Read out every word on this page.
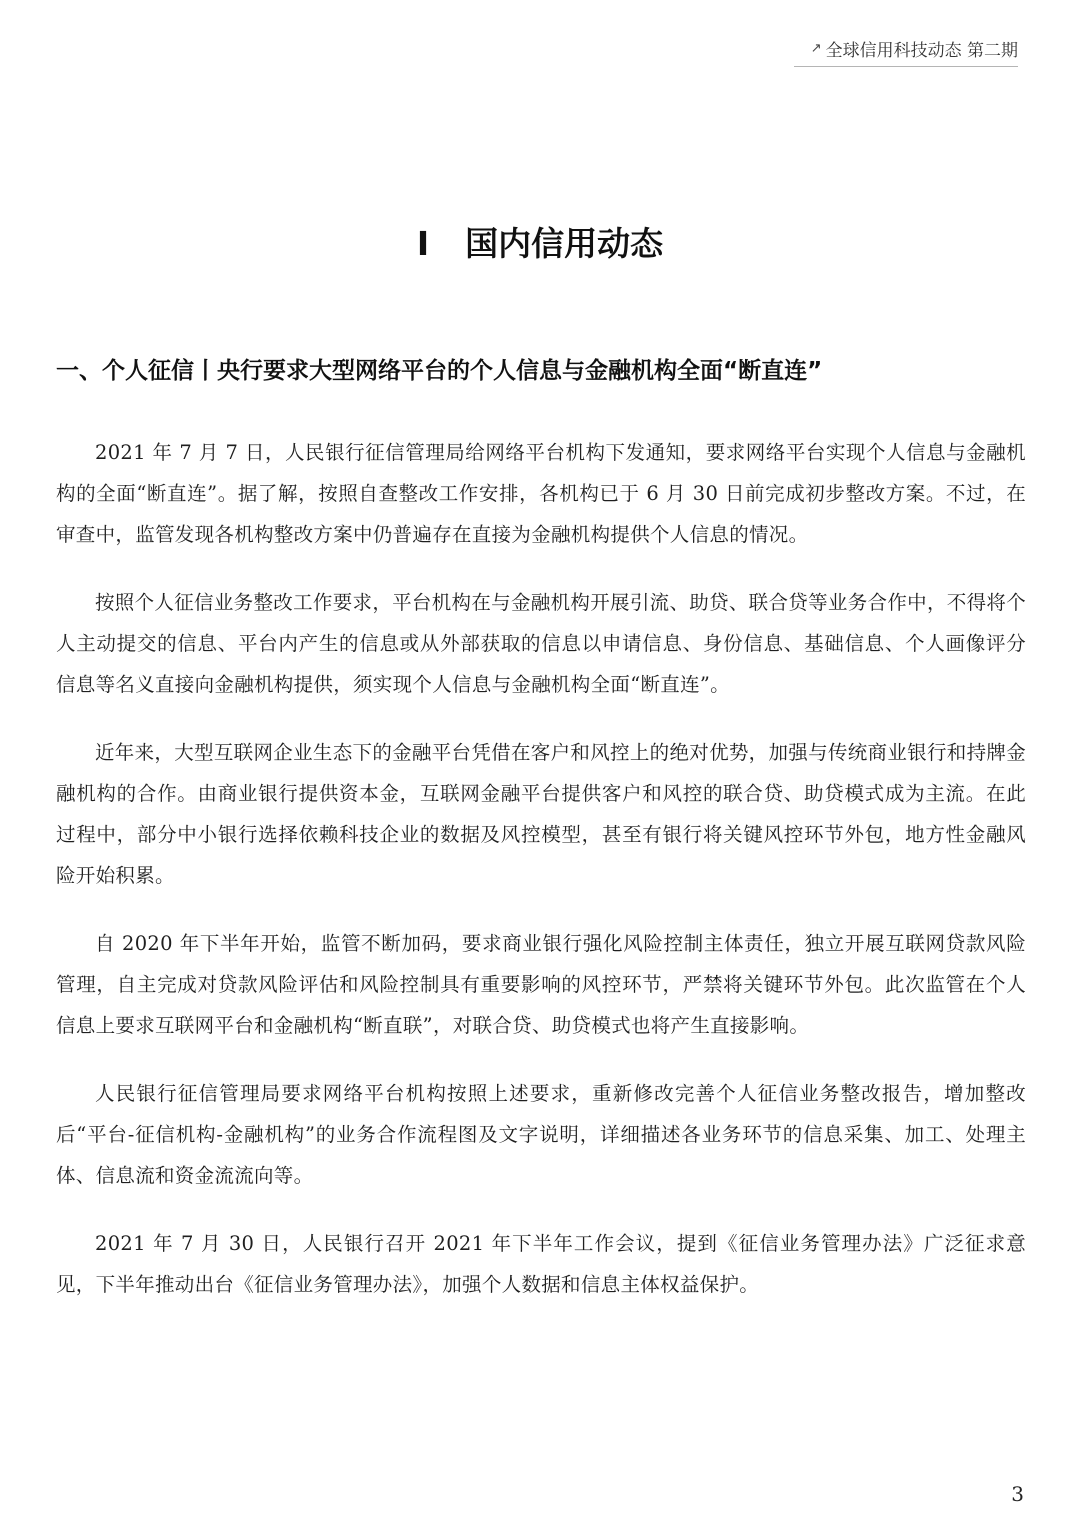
↗ 全球信用科技动态 第二期
I 国内信用动态
一、个人征信丨央行要求大型网络平台的个人信息与金融机构全面“断直连”

2021 年 7 月 7 日，人民银行征信管理局给网络平台机构下发通知，要求网络平台实现个人信息与金融机构的全面“断直连”。据了解，按照自查整改工作安排，各机构已于 6 月 30 日前完成初步整改方案。不过，在审查中，监管发现各机构整改方案中仍普遍存在直接为金融机构提供个人信息的情况。

按照个人征信业务整改工作要求，平台机构在与金融机构开展引流、助贷、联合贷等业务合作中，不得将个人主动提交的信息、平台内产生的信息或从外部获取的信息以申请信息、身份信息、基础信息、个人画像评分信息等名义直接向金融机构提供，须实现个人信息与金融机构全面“断直连”。

近年来，大型互联网企业生态下的金融平台凭借在客户和风控上的绝对优势，加强与传统商业银行和持牌金融机构的合作。由商业银行提供资本金，互联网金融平台提供客户和风控的联合贷、助贷模式成为主流。在此过程中，部分中小银行选择依赖科技企业的数据及风控模型，甚至有银行将关键风控环节外包，地方性金融风险开始积累。

自 2020 年下半年开始，监管不断加码，要求商业银行强化风险控制主体责任，独立开展互联网贷款风险管理，自主完成对贷款风险评估和风险控制具有重要影响的风控环节，严禁将关键环节外包。此次监管在个人信息上要求互联网平台和金融机构“断直联”，对联合贷、助贷模式也将产生直接影响。

人民银行征信管理局要求网络平台机构按照上述要求，重新修改完善个人征信业务整改报告，增加整改后“平台-征信机构-金融机构”的业务合作流程图及文字说明，详细描述各业务环节的信息采集、加工、处理主体、信息流和资金流流向等。

2021 年 7 月 30 日，人民银行召开 2021 年下半年工作会议，提到《征信业务管理办法》广泛征求意见，下半年推动出台《征信业务管理办法》，加强个人数据和信息主体权益保护。

3
